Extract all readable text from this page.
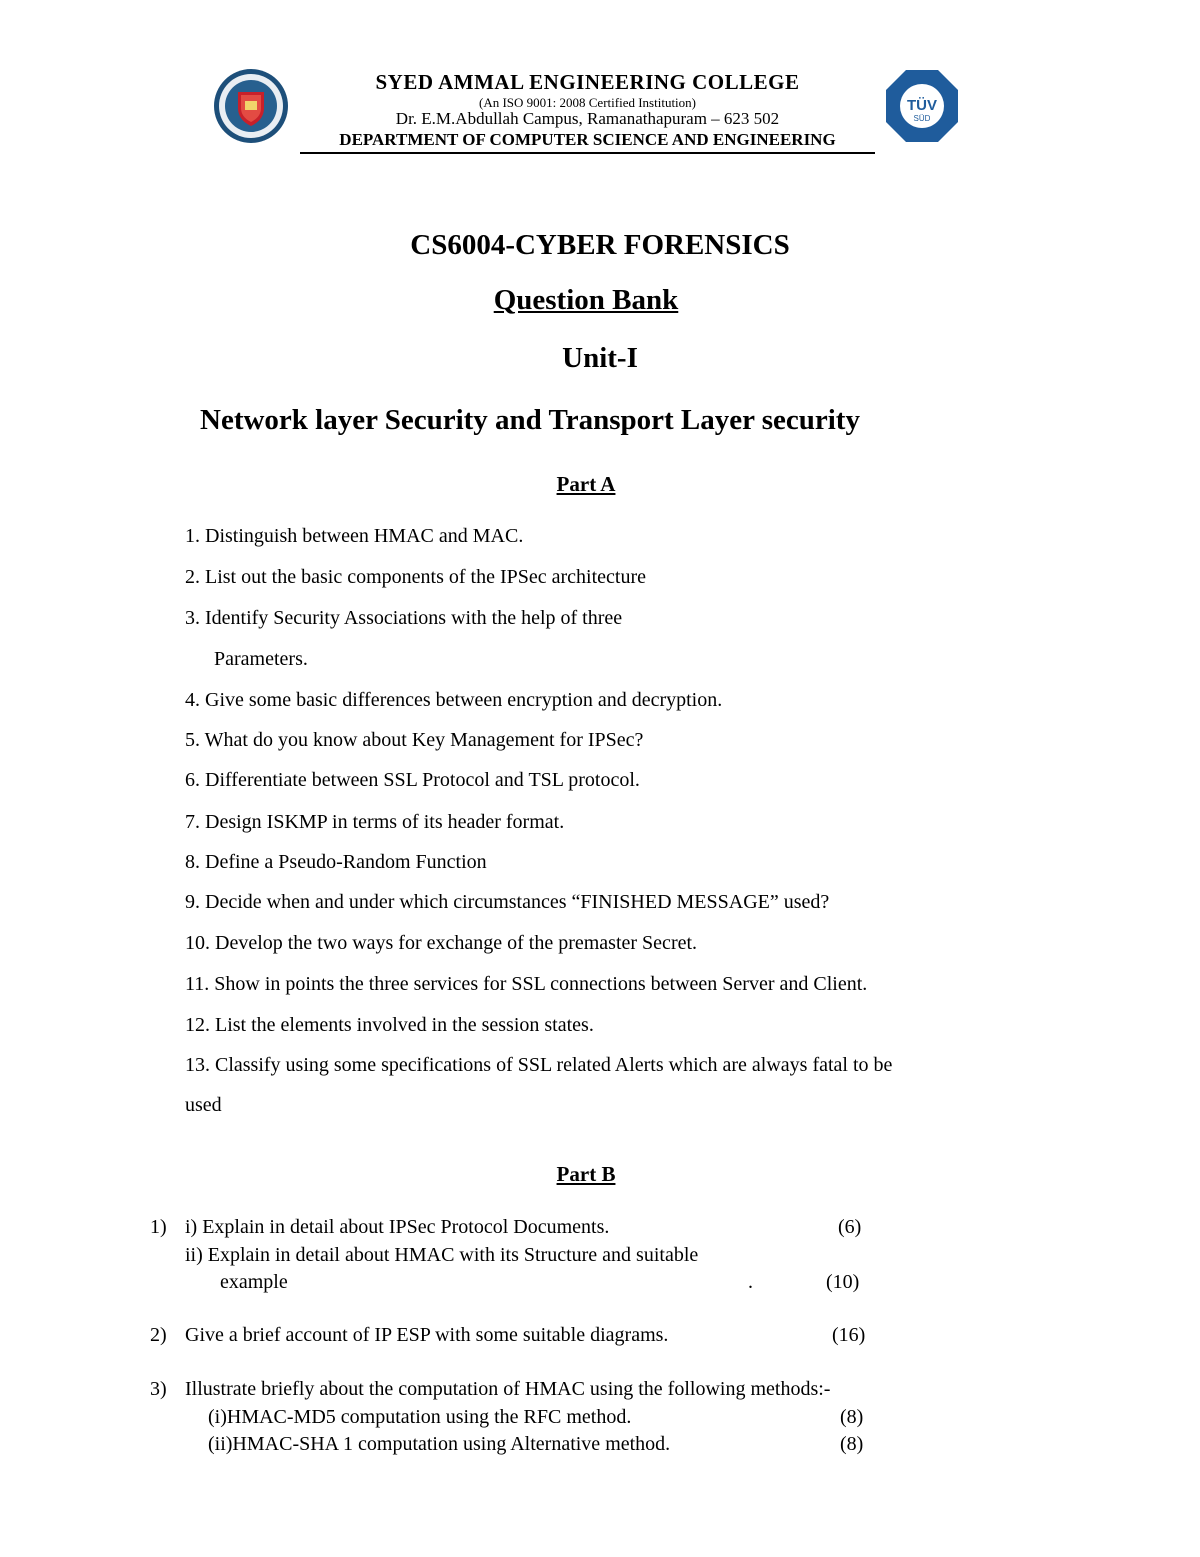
TÜV
SÜD
SYED AMMAL ENGINEERING COLLEGE
(An ISO 9001: 2008 Certified Institution)
Dr. E.M.Abdullah Campus, Ramanathapuram – 623 502
DEPARTMENT OF COMPUTER SCIENCE AND ENGINEERING
CS6004-CYBER FORENSICS
Question Bank
Unit-I
Network layer Security and Transport Layer security
Part A
1. Distinguish between HMAC and MAC.
2. List out the basic components of the IPSec architecture
3. Identify Security Associations with the help of three
Parameters.
4. Give some basic differences between encryption and decryption.
5. What do you know about Key Management for IPSec?
6. Differentiate between SSL Protocol and TSL protocol.
7. Design ISKMP in terms of its header format.
8. Define a Pseudo-Random Function
9. Decide when and under which circumstances “FINISHED MESSAGE” used?
10. Develop the two ways for exchange of the premaster Secret.
11. Show in points the three services for SSL connections between Server and Client.
12. List the elements involved in the session states.
13. Classify using some specifications of SSL related Alerts which are always fatal to be
used
Part B
1) i) Explain in detail about IPSec Protocol Documents.	(6)
ii) Explain in detail about HMAC with its Structure and suitable
example	.	(10)
2) Give a brief account of IP ESP with some suitable diagrams.	(16)
3) Illustrate briefly about the computation of HMAC using the following methods:-
(i)HMAC-MD5 computation using the RFC method.	(8)
(ii)HMAC-SHA 1 computation using Alternative method.	(8)
